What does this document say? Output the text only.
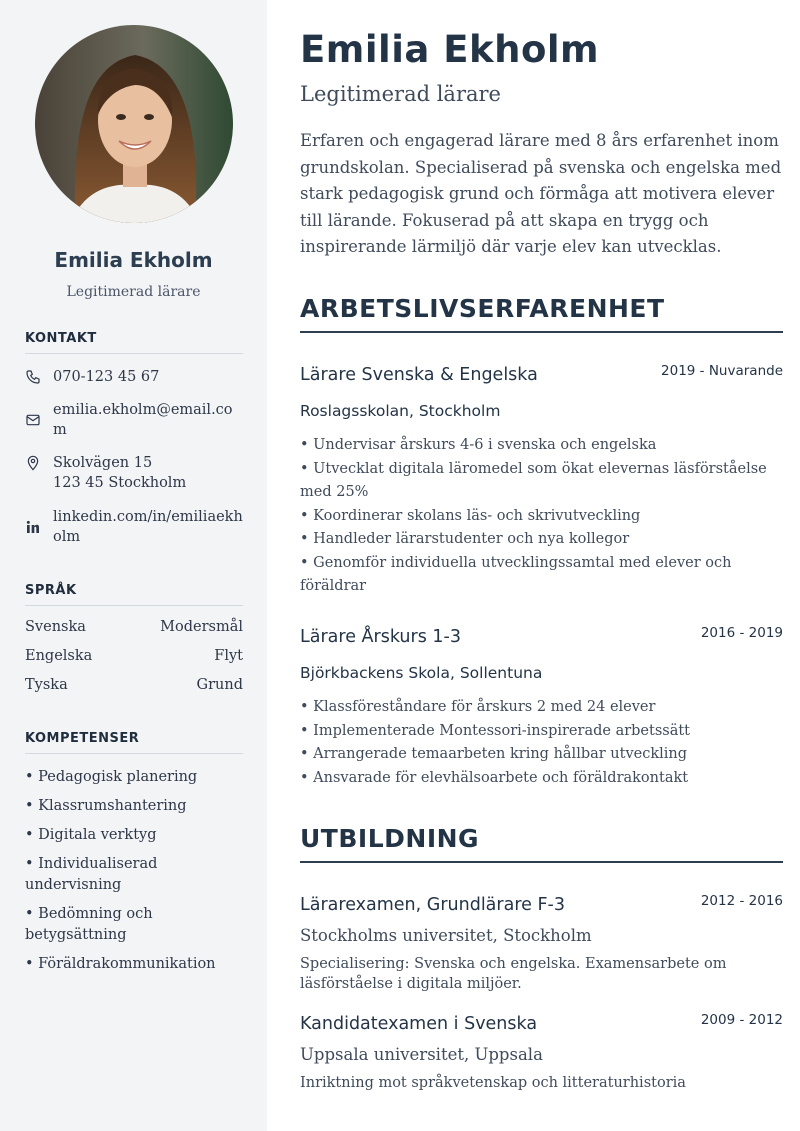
Emilia Ekholm
Legitimerad lärare
KONTAKT
070-123 45 67
emilia.ekholm@email.com
Skolvägen 15
123 45 Stockholm
linkedin.com/in/emiliaekholm
SPRÅK
Svenska	Modersmål
Engelska	Flyt
Tyska	Grund
KOMPETENSER
• Pedagogisk planering
• Klassrumshantering
• Digitala verktyg
• Individualiserad undervisning
• Bedömning och betygsättning
• Föräldrakommunikation
Emilia Ekholm
Legitimerad lärare

Erfaren och engagerad lärare med 8 års erfarenhet inom grundskolan. Specialiserad på svenska och engelska med stark pedagogisk grund och förmåga att motivera elever till lärande. Fokuserad på att skapa en trygg och inspirerande lärmiljö där varje elev kan utvecklas.

ARBETSLIVSERFARENHET
Lärare Svenska & Engelska	2019 - Nuvarande
Roslagsskolan, Stockholm
• Undervisar årskurs 4-6 i svenska och engelska
• Utvecklat digitala läromedel som ökat elevernas läsförståelse med 25%
• Koordinerar skolans läs- och skrivutveckling
• Handleder lärarstudenter och nya kollegor
• Genomför individuella utvecklingssamtal med elever och föräldrar
Lärare Årskurs 1-3	2016 - 2019
Björkbackens Skola, Sollentuna
• Klassföreståndare för årskurs 2 med 24 elever
• Implementerade Montessori-inspirerade arbetssätt
• Arrangerade temaarbeten kring hållbar utveckling
• Ansvarade för elevhälsoarbete och föräldrakontakt
UTBILDNING
Lärarexamen, Grundlärare F-3	2012 - 2016
Stockholms universitet, Stockholm

Specialisering: Svenska och engelska. Examensarbete om läsförståelse i digitala miljöer.

Kandidatexamen i Svenska	2009 - 2012
Uppsala universitet, Uppsala

Inriktning mot språkvetenskap och litteraturhistoria
